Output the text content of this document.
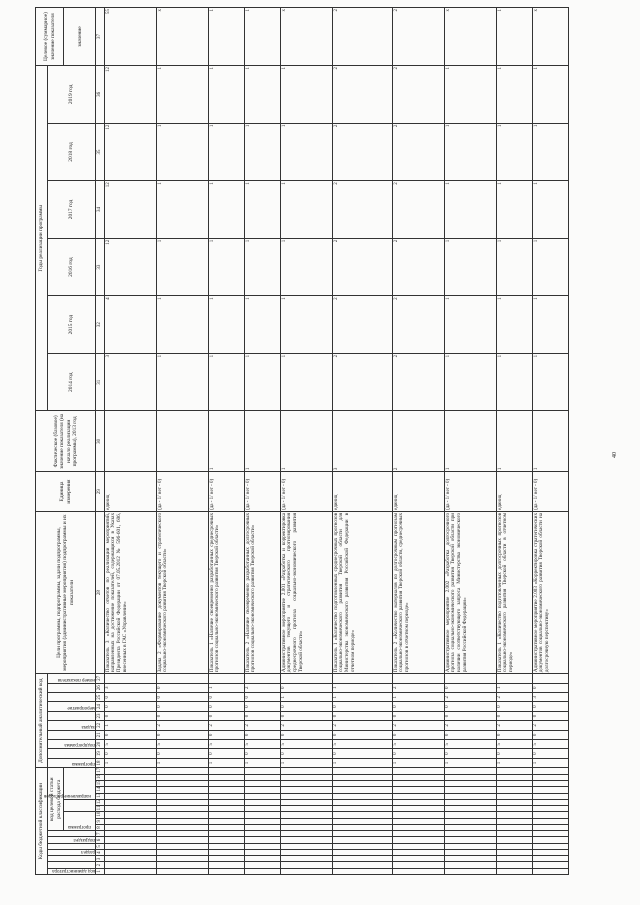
40
Коды бюджетной классификации																	Дополнительный аналитический код										Цели программы, подпрограммы, задачи подпрограммы, мероприятия (административные мероприятия) подпрограммы и их показатели	Единица измерения	Фактическое (базовое) значение показателя (на начало реализации программы), 2013 год	Годы реализации программы						Целевое (суммарное) значение показателя

код администратора			раздел		подраздел		код целевой статьи расхода бюджета										программа		подпрограмма		задача		мероприятие			номер показателя				2014 год	2015 год	2016 год	2017 год	2018 год	2019 год	

							программа					направление расходов																								значение
1	2	3	4	5	6	7	8	9	10	11	12	13	14	15	16	17	18	19	20	21	22	23	24	25	26	27	28	29	30	31	32	33	34	35	36	37
																	1	0	5	0	1	0	0	0	3		Показатель 3 «Количество отчетов по реализации мероприятий, направленных на достижение показателей, содержащихся в Указах Президента Российской Федерации от 07.05.2012 № 596-601, 606, внесенных в ГАС «Управление»	единиц		3	4	12	12	12	12	55
																	1	0	5	0	2	0	0	0	0		Задача 2 «Формирование документов текущего и стратегического социально-экономического развития Тверской области»	(да - 1/ нет - 0)		1	1	1	1	1	1	х
																	1	0	5	0	2	0	0	0	1		Показатель 1 «Наличие своевременно разработанных среднесрочных прогнозов социально-экономического развития Тверской области»	(да - 1/ нет - 0)	1	1	1	1	1	1	1	1
																	1	0	5	0	2	0	0	0	2		Показатель 2 «Наличие своевременно разработанных долгосрочных прогнозов социально-экономического развития Тверской области»	(да - 1/ нет - 0)	1	1	1	1	1	1	1	1
																	1	0	5	0	2	0	0	1	0		Административное мероприятие 2.001 «Разработка и корректировка документов текущего и стратегического прогнозирования среднесрочного прогноза социально-экономического развития Тверской области»	(да - 1/ нет - 0)	1	1	1	1	1	1	1	х
																	1	0	5	0	2	0	0	1	1		Показатель 1 «Количество подготовленных среднесрочных прогнозов социально-экономического развития Тверской области для Министерства экономического развития Российской Федерации в отчетном периоде»	единиц	3	2	2	2	2	2	2	2
																	1	0	5	0	2	0	0	1	2		Показатель 2 «Количество материалов по долгосрочным прогнозам социально-экономического развития Тверской области, среднесрочных прогнозов в отчетном периоде»	единиц	2	2	2	2	2	2	2	2
																	1	0	5	0	2	0	0	2	0		Административное мероприятие 2.002 «Разработка долгосрочного прогноза социально-экономического развития Тверской области при наличии соответствующего запроса Министерства экономического развития Российской Федерации»	(да - 1/ нет - 0)	1	1	1	1	1	1	1	х
																	1	0	5	0	2	0	0	2	1		Показатель 1 «Количество подготовленных долгосрочных прогнозов социально-экономического развития Тверской области в отчетном периоде»	единиц	1	1	1	1	1	1	1	1
																	1	0	5	0	2	0	0	3	0		Административное мероприятие 2.003 «Корректировка стратегических документов социально-экономического развития Тверской области на долгосрочную перспективу»	(да - 1/ нет - 0)	1	1	1	1	1	1	1	х
